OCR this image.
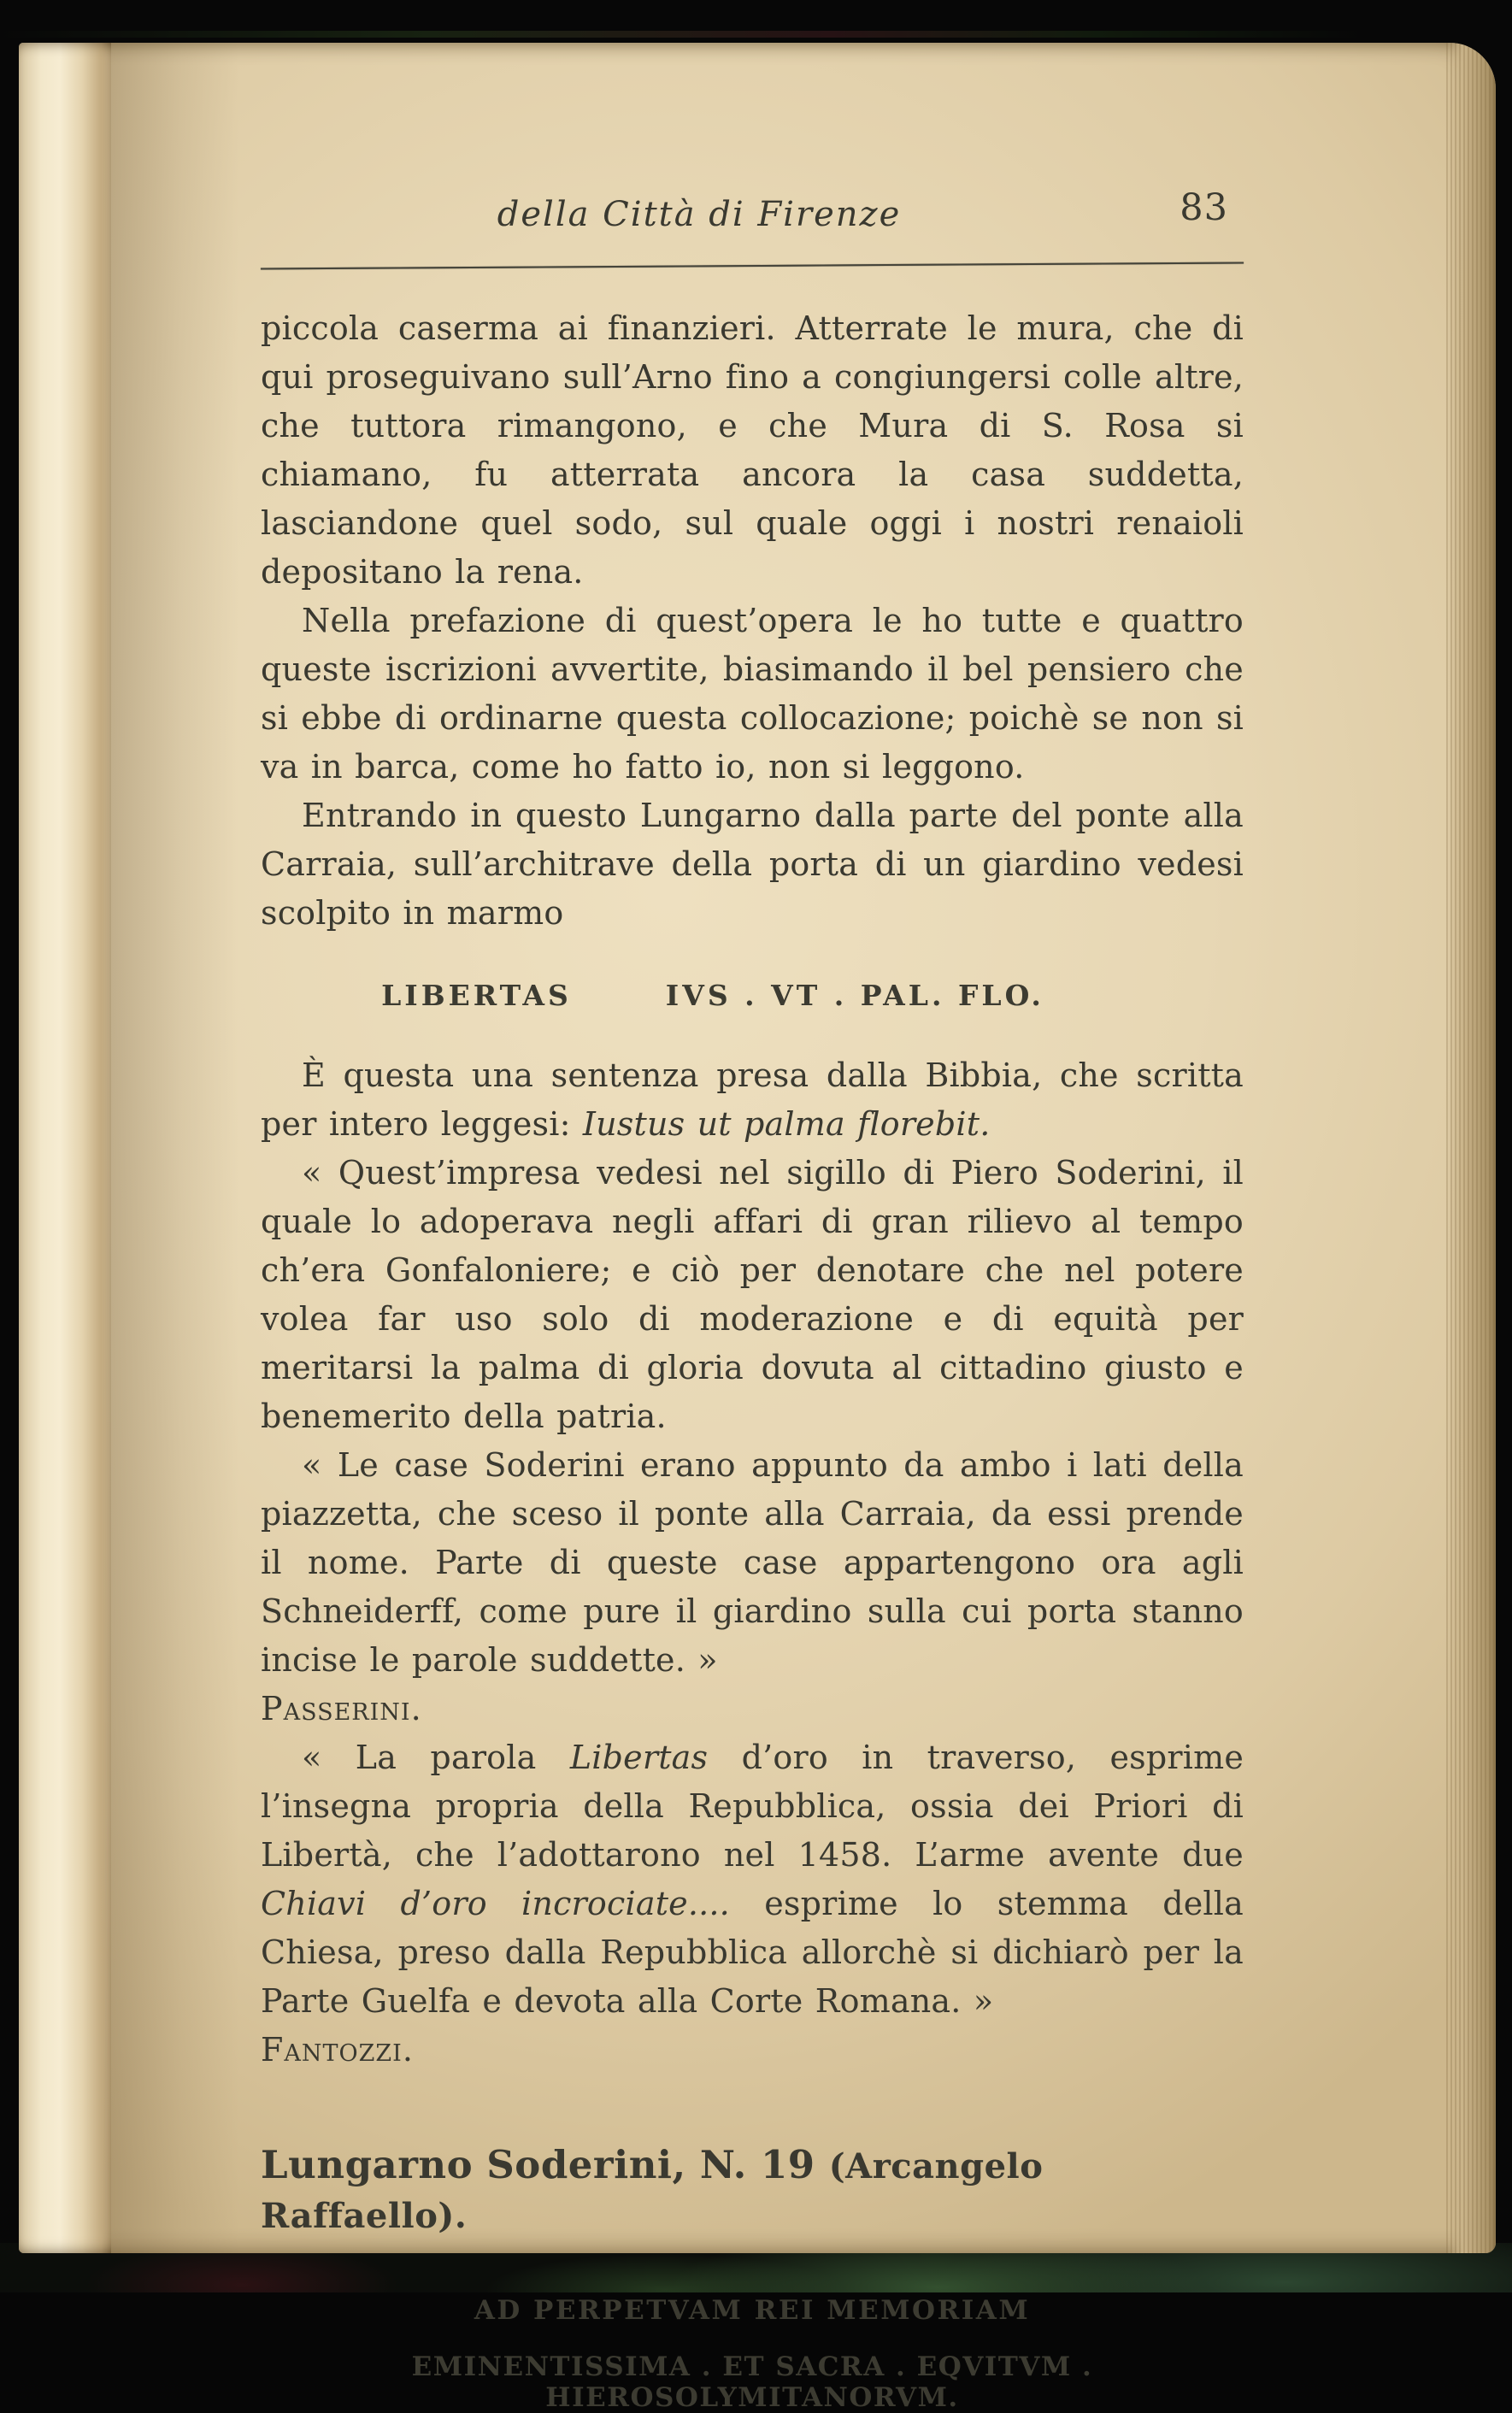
della Città di Firenze	83

piccola caserma ai finanzieri. Atterrate le mura, che di qui proseguivano sull’Arno fino a congiungersi colle altre, che tuttora rimangono, e che Mura di S. Rosa si chiamano, fu atterrata ancora la casa suddetta, lasciandone quel sodo, sul quale oggi i nostri renaioli depositano la rena.

Nella prefazione di quest’opera le ho tutte e quattro queste iscrizioni avvertite, biasimando il bel pensiero che si ebbe di ordinarne questa collocazione; poichè se non si va in barca, come ho fatto io, non si leggono.

Entrando in questo Lungarno dalla parte del ponte alla Carraia, sull’architrave della porta di un giardino vedesi scolpito in marmo

LIBERTAS	IVS . VT . PAL. FLO.

È questa una sentenza presa dalla Bibbia, che scritta per intero leggesi: Iustus ut palma florebit.

« Quest’impresa vedesi nel sigillo di Piero Soderini, il quale lo adoperava negli affari di gran rilievo al tempo ch’era Gonfaloniere; e ciò per denotare che nel potere volea far uso solo di moderazione e di equità per meritarsi la palma di gloria dovuta al cittadino giusto e benemerito della patria.

« Le case Soderini erano appunto da ambo i lati della piazzetta, che sceso il ponte alla Carraia, da essi prende il nome. Parte di queste case appartengono ora agli Schneiderff, come pure il giardino sulla cui porta stanno incise le parole suddette. »

Passerini.

« La parola Libertas d’oro in traverso, esprime l’insegna propria della Repubblica, ossia dei Priori di Libertà, che l’adottarono nel 1458. L’arme avente due Chiavi d’oro incrociate.... esprime lo stemma della Chiesa, preso dalla Repubblica allorchè si dichiarò per la Parte Guelfa e devota alla Corte Romana. »

Fantozzi.

Lungarno Soderini, N. 19 (Arcangelo Raffaello).

AD PERPETVAM REI MEMORIAM

EMINENTISSIMA . ET SACRA . EQVITVM . HIEROSOLYMITANORVM.
